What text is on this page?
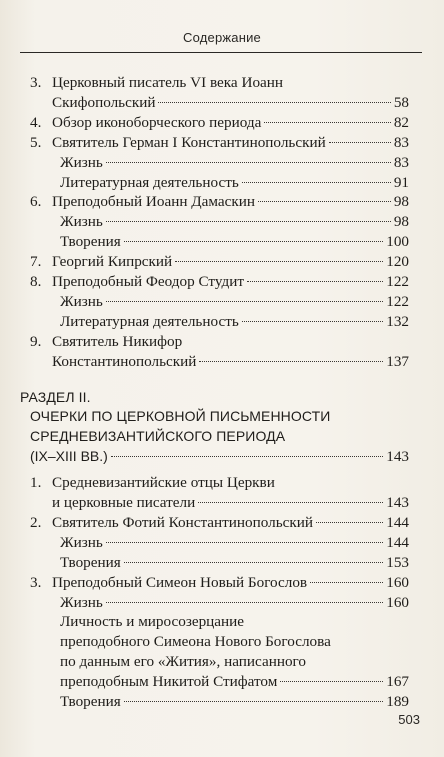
Содержание
3. Церковный писатель VI века Иоанн
Скифопольский	58
4. Обзор иконоборческого периода	82
5. Святитель Герман I Константинопольский	83
Жизнь	83
Литературная деятельность	91
6. Преподобный Иоанн Дамаскин	98
Жизнь	98
Творения	100
7. Георгий Кипрский	120
8. Преподобный Феодор Студит	122
Жизнь	122
Литературная деятельность	132
9. Святитель Никифор
Константинопольский	137
РАЗДЕЛ II.
ОЧЕРКИ ПО ЦЕРКОВНОЙ ПИСЬМЕННОСТИ
СРЕДНЕВИЗАНТИЙСКОГО ПЕРИОДА
(IX–XIII ВВ.)	143
1. Средневизантийские отцы Церкви
и церковные писатели	143
2. Святитель Фотий Константинопольский	144
Жизнь	144
Творения	153
3. Преподобный Симеон Новый Богослов	160
Жизнь	160
Личность и миросозерцание
преподобного Симеона Нового Богослова
по данным его «Жития», написанного
преподобным Никитой Стифатом	167
Творения	189
503
